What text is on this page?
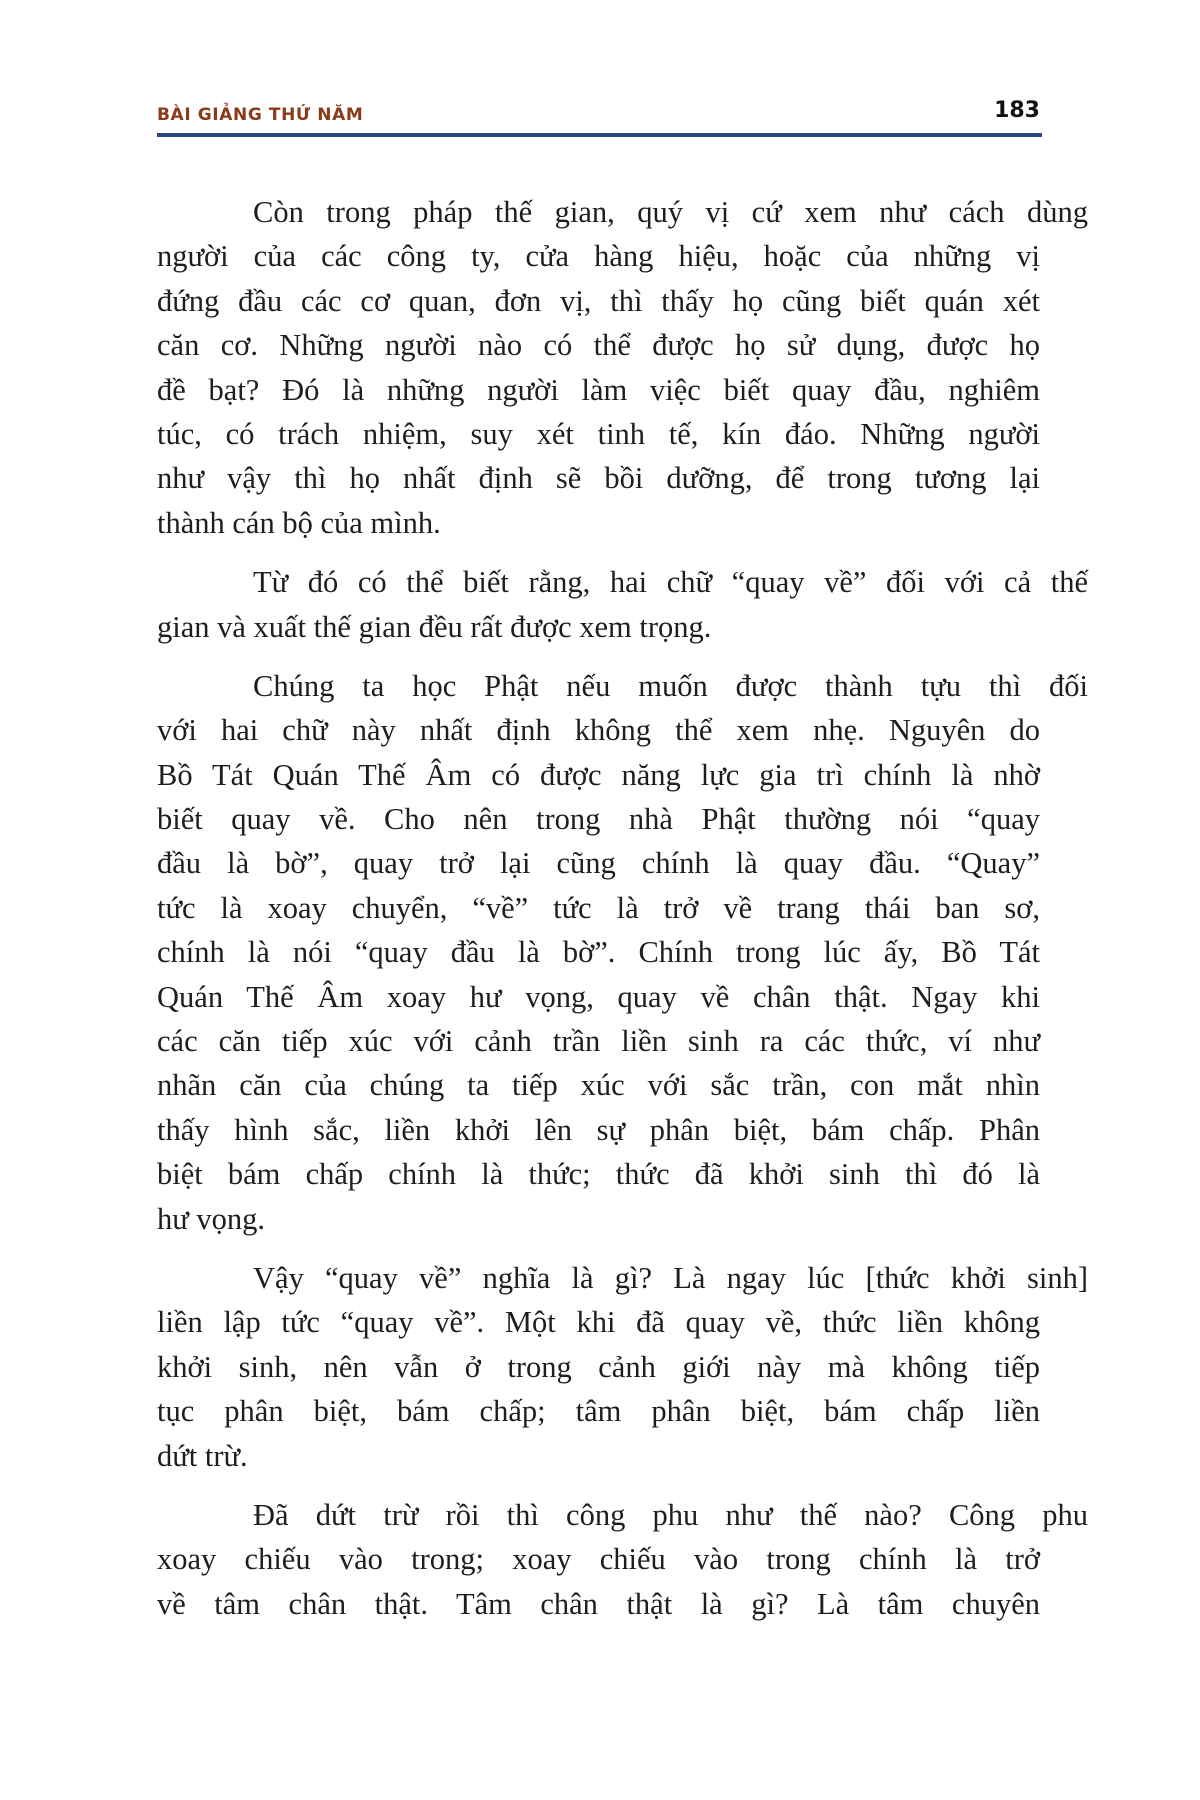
BÀI GIẢNG THỨ NĂM	183
Còn trong pháp thế gian, quý vị cứ xem như cách dùng
người của các công ty, cửa hàng hiệu, hoặc của những vị
đứng đầu các cơ quan, đơn vị, thì thấy họ cũng biết quán xét
căn cơ. Những người nào có thể được họ sử dụng, được họ
đề bạt? Đó là những người làm việc biết quay đầu, nghiêm
túc, có trách nhiệm, suy xét tinh tế, kín đáo. Những người
như vậy thì họ nhất định sẽ bồi dưỡng, để trong tương lại
thành cán bộ của mình.
Từ đó có thể biết rằng, hai chữ “quay về” đối với cả thế
gian và xuất thế gian đều rất được xem trọng.
Chúng ta học Phật nếu muốn được thành tựu thì đối
với hai chữ này nhất định không thể xem nhẹ. Nguyên do
Bồ Tát Quán Thế Âm có được năng lực gia trì chính là nhờ
biết quay về. Cho nên trong nhà Phật thường nói “quay
đầu là bờ”, quay trở lại cũng chính là quay đầu. “Quay”
tức là xoay chuyển, “về” tức là trở về trang thái ban sơ,
chính là nói “quay đầu là bờ”. Chính trong lúc ấy, Bồ Tát
Quán Thế Âm xoay hư vọng, quay về chân thật. Ngay khi
các căn tiếp xúc với cảnh trần liền sinh ra các thức, ví như
nhãn căn của chúng ta tiếp xúc với sắc trần, con mắt nhìn
thấy hình sắc, liền khởi lên sự phân biệt, bám chấp. Phân
biệt bám chấp chính là thức; thức đã khởi sinh thì đó là
hư vọng.
Vậy “quay về” nghĩa là gì? Là ngay lúc [thức khởi sinh]
liền lập tức “quay về”. Một khi đã quay về, thức liền không
khởi sinh, nên vẫn ở trong cảnh giới này mà không tiếp
tục phân biệt, bám chấp; tâm phân biệt, bám chấp liền
dứt trừ.
Đã dứt trừ rồi thì công phu như thế nào? Công phu
xoay chiếu vào trong; xoay chiếu vào trong chính là trở
về tâm chân thật. Tâm chân thật là gì? Là tâm chuyên
